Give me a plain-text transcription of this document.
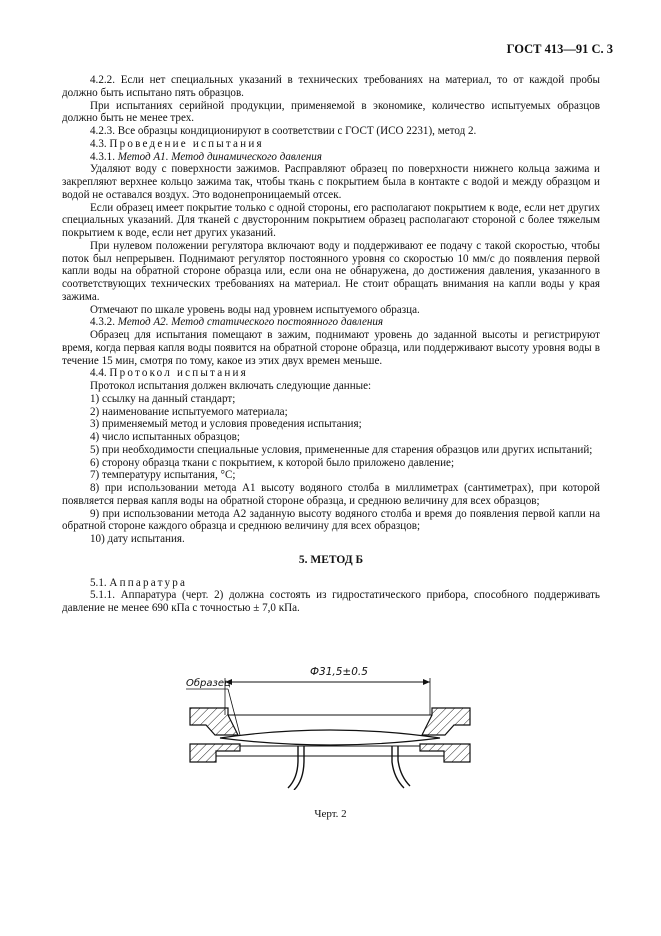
ГОСТ 413—91 С. 3

4.2.2. Если нет специальных указаний в технических требованиях на материал, то от каждой пробы должно быть испытано пять образцов.

При испытаниях серийной продукции, применяемой в экономике, количество испытуемых образцов должно быть не менее трех.

4.2.3. Все образцы кондиционируют в соответствии с ГОСТ (ИСО 2231), метод 2.

4.3. Проведение испытания

4.3.1. Метод А1. Метод динамического давления

Удаляют воду с поверхности зажимов. Расправляют образец по поверхности нижнего кольца зажима и закрепляют верхнее кольцо зажима так, чтобы ткань с покрытием была в контакте с водой и между образцом и водой не оставался воздух. Это водонепроницаемый отсек.

Если образец имеет покрытие только с одной стороны, его располагают покрытием к воде, если нет других специальных указаний. Для тканей с двусторонним покрытием образец располагают стороной с более тяжелым покрытием к воде, если нет других указаний.

При нулевом положении регулятора включают воду и поддерживают ее подачу с такой скоростью, чтобы поток был непрерывен. Поднимают регулятор постоянного уровня со скоростью 10 мм/с до появления первой капли воды на обратной стороне образца или, если она не обнаружена, до достижения давления, указанного в соответствующих технических требованиях на материал. Не стоит обращать внимания на капли воды у края зажима.

Отмечают по шкале уровень воды над уровнем испытуемого образца.

4.3.2. Метод А2. Метод статического постоянного давления

Образец для испытания помещают в зажим, поднимают уровень до заданной высоты и регистрируют время, когда первая капля воды появится на обратной стороне образца, или поддерживают высоту уровня воды в течение 15 мин, смотря по тому, какое из этих двух времен меньше.

4.4. Протокол испытания

Протокол испытания должен включать следующие данные:

1) ссылку на данный стандарт;

2) наименование испытуемого материала;

3) применяемый метод и условия проведения испытания;

4) число испытанных образцов;

5) при необходимости специальные условия, примененные для старения образцов или других испытаний;

6) сторону образца ткани с покрытием, к которой было приложено давление;

7) температуру испытания, °С;

8) при использовании метода А1 высоту водяного столба в миллиметрах (сантиметрах), при которой появляется первая капля воды на обратной стороне образца, и среднюю величину для всех образцов;

9) при использовании метода А2 заданную высоту водяного столба и время до появления первой капли на обратной стороне каждого образца и среднюю величину для всех образцов;

10) дату испытания.

5. МЕТОД Б

5.1. Аппаратура

5.1.1. Аппаратура (черт. 2) должна состоять из гидростатического прибора, способного поддерживать давление не менее 690 кПа с точностью ± 7,0 кПа.

Ф31,5±0.5
Образец
Черт. 2
